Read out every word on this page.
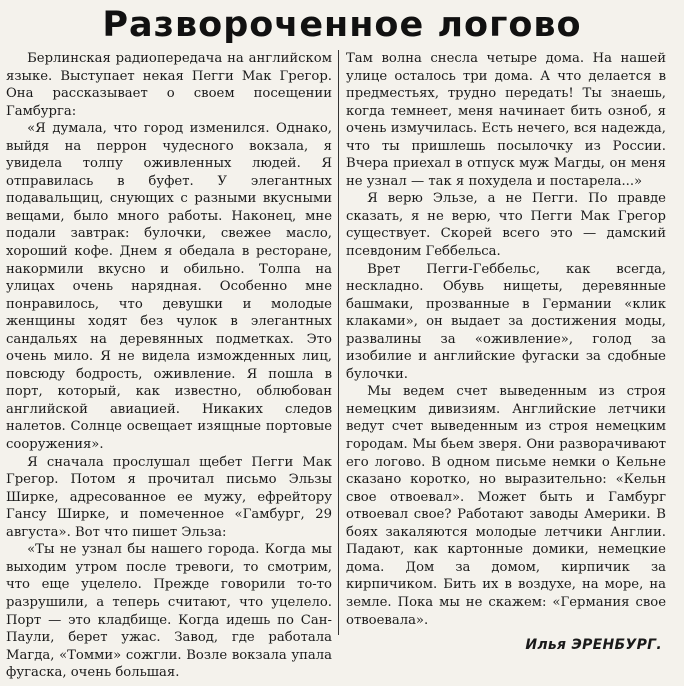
Развороченное логово

Берлинская радиопередача на английском языке. Выступает некая Пегги Мак Грегор. Она рассказывает о своем посещении Гамбурга:

«Я думала, что город изменился. Однако, выйдя на перрон чудесного вокзала, я увидела толпу оживленных людей. Я отправилась в буфет. У элегантных подавальщиц, снующих с разными вкусными вещами, было много работы. Наконец, мне подали завтрак: булочки, свежее масло, хороший кофе. Днем я обедала в ресторане, накормили вкусно и обильно. Толпа на улицах очень нарядная. Особенно мне понравилось, что девушки и молодые женщины ходят без чулок в элегантных сандальях на деревянных подметках. Это очень мило. Я не видела изможденных лиц, повсюду бодрость, оживление. Я пошла в порт, который, как известно, облюбован английской авиацией. Никаких следов налетов. Солнце освещает изящные портовые сооружения».

Я сначала прослушал щебет Пегги Мак Грегор. Потом я прочитал письмо Эльзы Ширке, адресованное ее мужу, ефрейтору Гансу Ширке, и помеченное «Гамбург, 29 августа». Вот что пишет Эльза:

«Ты не узнал бы нашего города. Когда мы выходим утром после тревоги, то смотрим, что еще уцелело. Прежде говорили то-то разрушили, а теперь считают, что уцелело. Порт — это кладбище. Когда идешь по Сан-Паули, берет ужас. Завод, где работала Магда, «Томми» сожгли. Возле вокзала упала фугаска, очень большая.

Там волна снесла четыре дома. На нашей улице осталось три дома. А что делается в предместьях, трудно передать! Ты знаешь, когда темнеет, меня начинает бить озноб, я очень измучилась. Есть нечего, вся надежда, что ты пришлешь посылочку из России. Вчера приехал в отпуск муж Магды, он меня не узнал — так я похудела и постарела...»

Я верю Эльзе, а не Пегги. По правде сказать, я не верю, что Пегги Мак Грегор существует. Скорей всего это — дамский псевдоним Геббельса.

Врет Пегги-Геббельс, как всегда, нескладно. Обувь нищеты, деревянные башмаки, прозванные в Германии «клик клаками», он выдает за достижения моды, развалины за «оживление», голод за изобилие и английские фугаски за сдобные булочки.

Мы ведем счет выведенным из строя немецким дивизиям. Английские летчики ведут счет выведенным из строя немецким городам. Мы бьем зверя. Они разворачивают его логово. В одном письме немки о Кельне сказано коротко, но выразительно: «Кельн свое отвоевал». Может быть и Гамбург отвоевал свое? Работают заводы Америки. В боях закаляются молодые летчики Англии. Падают, как картонные домики, немецкие дома. Дом за домом, кирпичик за кирпичиком. Бить их в воздухе, на море, на земле. Пока мы не скажем: «Германия свое отвоевала».

Илья ЭРЕНБУРГ.
